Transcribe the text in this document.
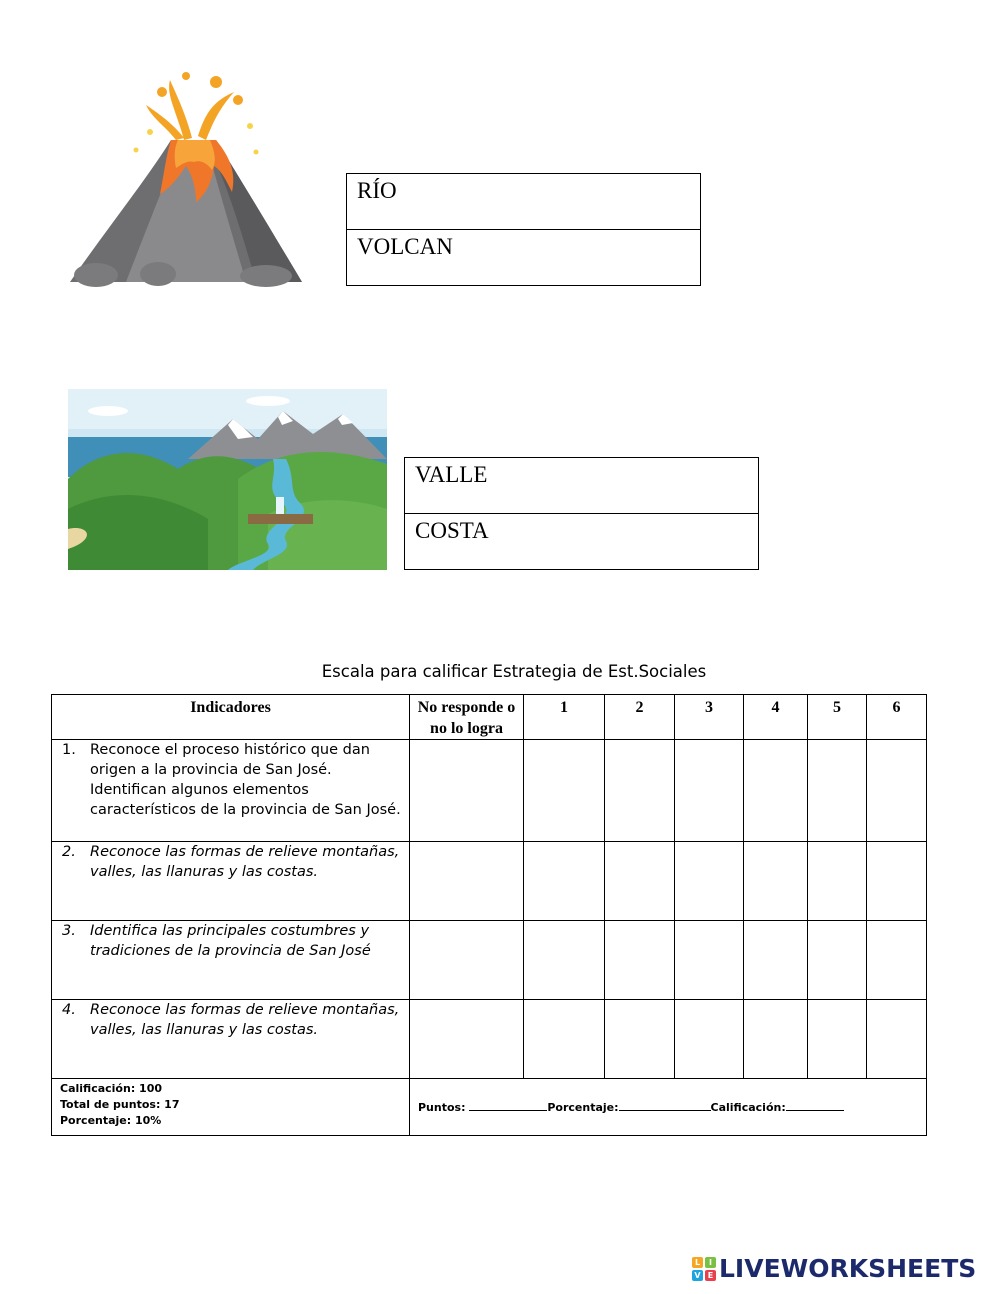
RÍO
VOLCAN
VALLE
COSTA
Escala para calificar Estrategia de Est.Sociales
Indicadores	No responde o no lo logra	1	2	3	4	5	6

1. Reconoce el proceso histórico que dan origen a la provincia de San José. Identifican algunos elementos característicos de la provincia de San José.							

2. Reconoce las formas de relieve montañas, valles, las llanuras y las costas.							

3. Identifica las principales costumbres y tradiciones de la provincia de San José							

4. Reconoce las formas de relieve montañas, valles, las llanuras y las costas.							

Calificación: 100
Total de puntos: 17
Porcentaje: 10%	Puntos: Porcentaje: Calificación:						
L	I
V E LIVEWORKSHEETS
